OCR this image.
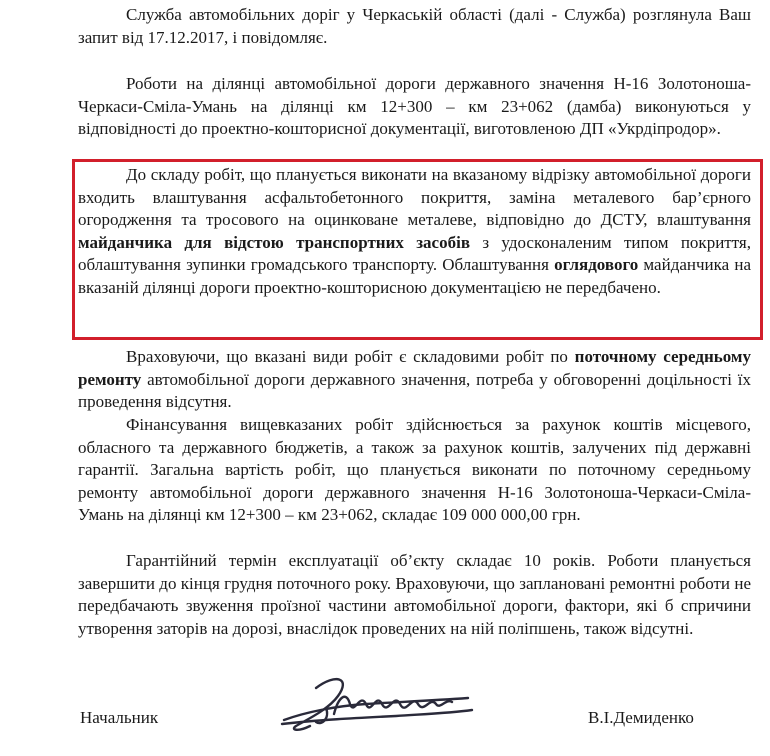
Служба автомобільних доріг у Черкаській області (далі - Служба) розглянула Ваш запит від 17.12.2017, і повідомляє.

Роботи на ділянці автомобільної дороги державного значення Н-16 Золотоноша-Черкаси-Сміла-Умань на ділянці км 12+300 – км 23+062 (дамба) виконуються у відповідності до проектно-кошторисної документації, виготовленою ДП «Укрдіпродор».

До складу робіт, що планується виконати на вказаному відрізку автомобільної дороги входить влаштування асфальтобетонного покриття, заміна металевого бар’єрного огородження та тросового на оцинковане металеве, відповідно до ДСТУ, влаштування майданчика для відстою транспортних засобів з удосконаленим типом покриття, облаштування зупинки громадського транспорту. Облаштування оглядового майданчика на вказаній ділянці дороги проектно-кошторисною документацією не передбачено.

Враховуючи, що вказані види робіт є складовими робіт по поточному середньому ремонту автомобільної дороги державного значення, потреба у обговоренні доцільності їх проведення відсутня.

Фінансування вищевказаних робіт здійснюється за рахунок коштів місцевого, обласного та державного бюджетів, а також за рахунок коштів, залучених під державні гарантії. Загальна вартість робіт, що планується виконати по поточному середньому ремонту автомобільної дороги державного значення Н-16 Золотоноша-Черкаси-Сміла-Умань на ділянці км 12+300 – км 23+062, складає 109 000 000,00 грн.

Гарантійний термін експлуатації об’єкту складає 10 років. Роботи планується завершити до кінця грудня поточного року. Враховуючи, що заплановані ремонтні роботи не передбачають звуження проїзної частини автомобільної дороги, фактори, які б спричини утворення заторів на дорозі, внаслідок проведених на ній поліпшень, також відсутні.

Начальник	В.І.Демиденко
